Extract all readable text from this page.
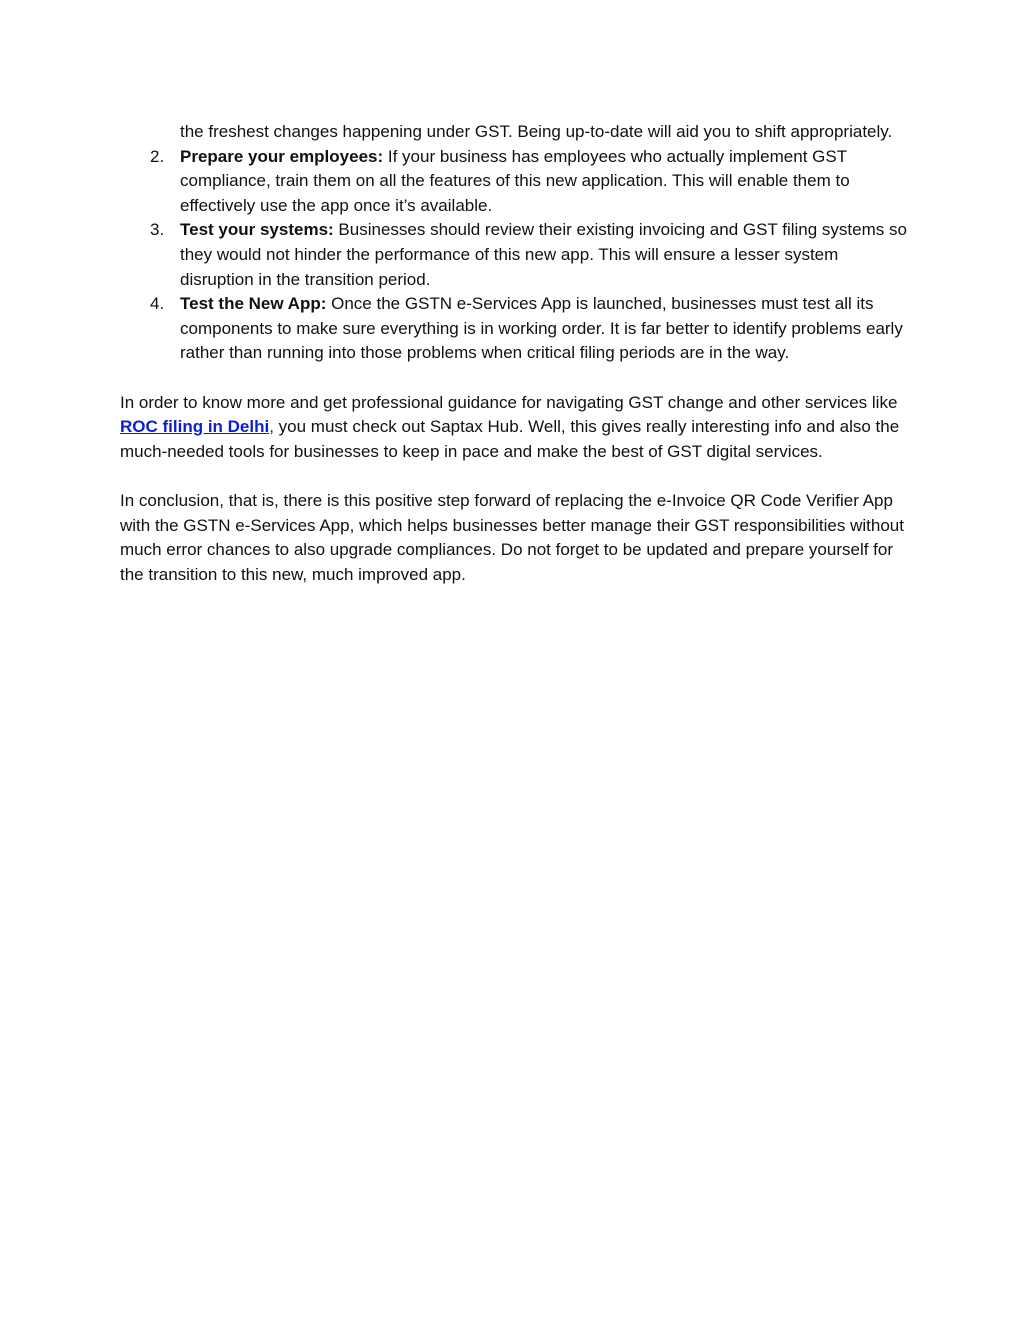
the freshest changes happening under GST. Being up-to-date will aid you to shift appropriately.

2. Prepare your employees: If your business has employees who actually implement GST compliance, train them on all the features of this new application. This will enable them to effectively use the app once it’s available.
3. Test your systems: Businesses should review their existing invoicing and GST filing systems so they would not hinder the performance of this new app. This will ensure a lesser system disruption in the transition period.
4. Test the New App: Once the GSTN e-Services App is launched, businesses must test all its components to make sure everything is in working order. It is far better to identify problems early rather than running into those problems when critical filing periods are in the way.

In order to know more and get professional guidance for navigating GST change and other services like ROC filing in Delhi, you must check out Saptax Hub. Well, this gives really interesting info and also the much-needed tools for businesses to keep in pace and make the best of GST digital services.

In conclusion, that is, there is this positive step forward of replacing the e-Invoice QR Code Verifier App with the GSTN e-Services App, which helps businesses better manage their GST responsibilities without much error chances to also upgrade compliances. Do not forget to be updated and prepare yourself for the transition to this new, much improved app.
